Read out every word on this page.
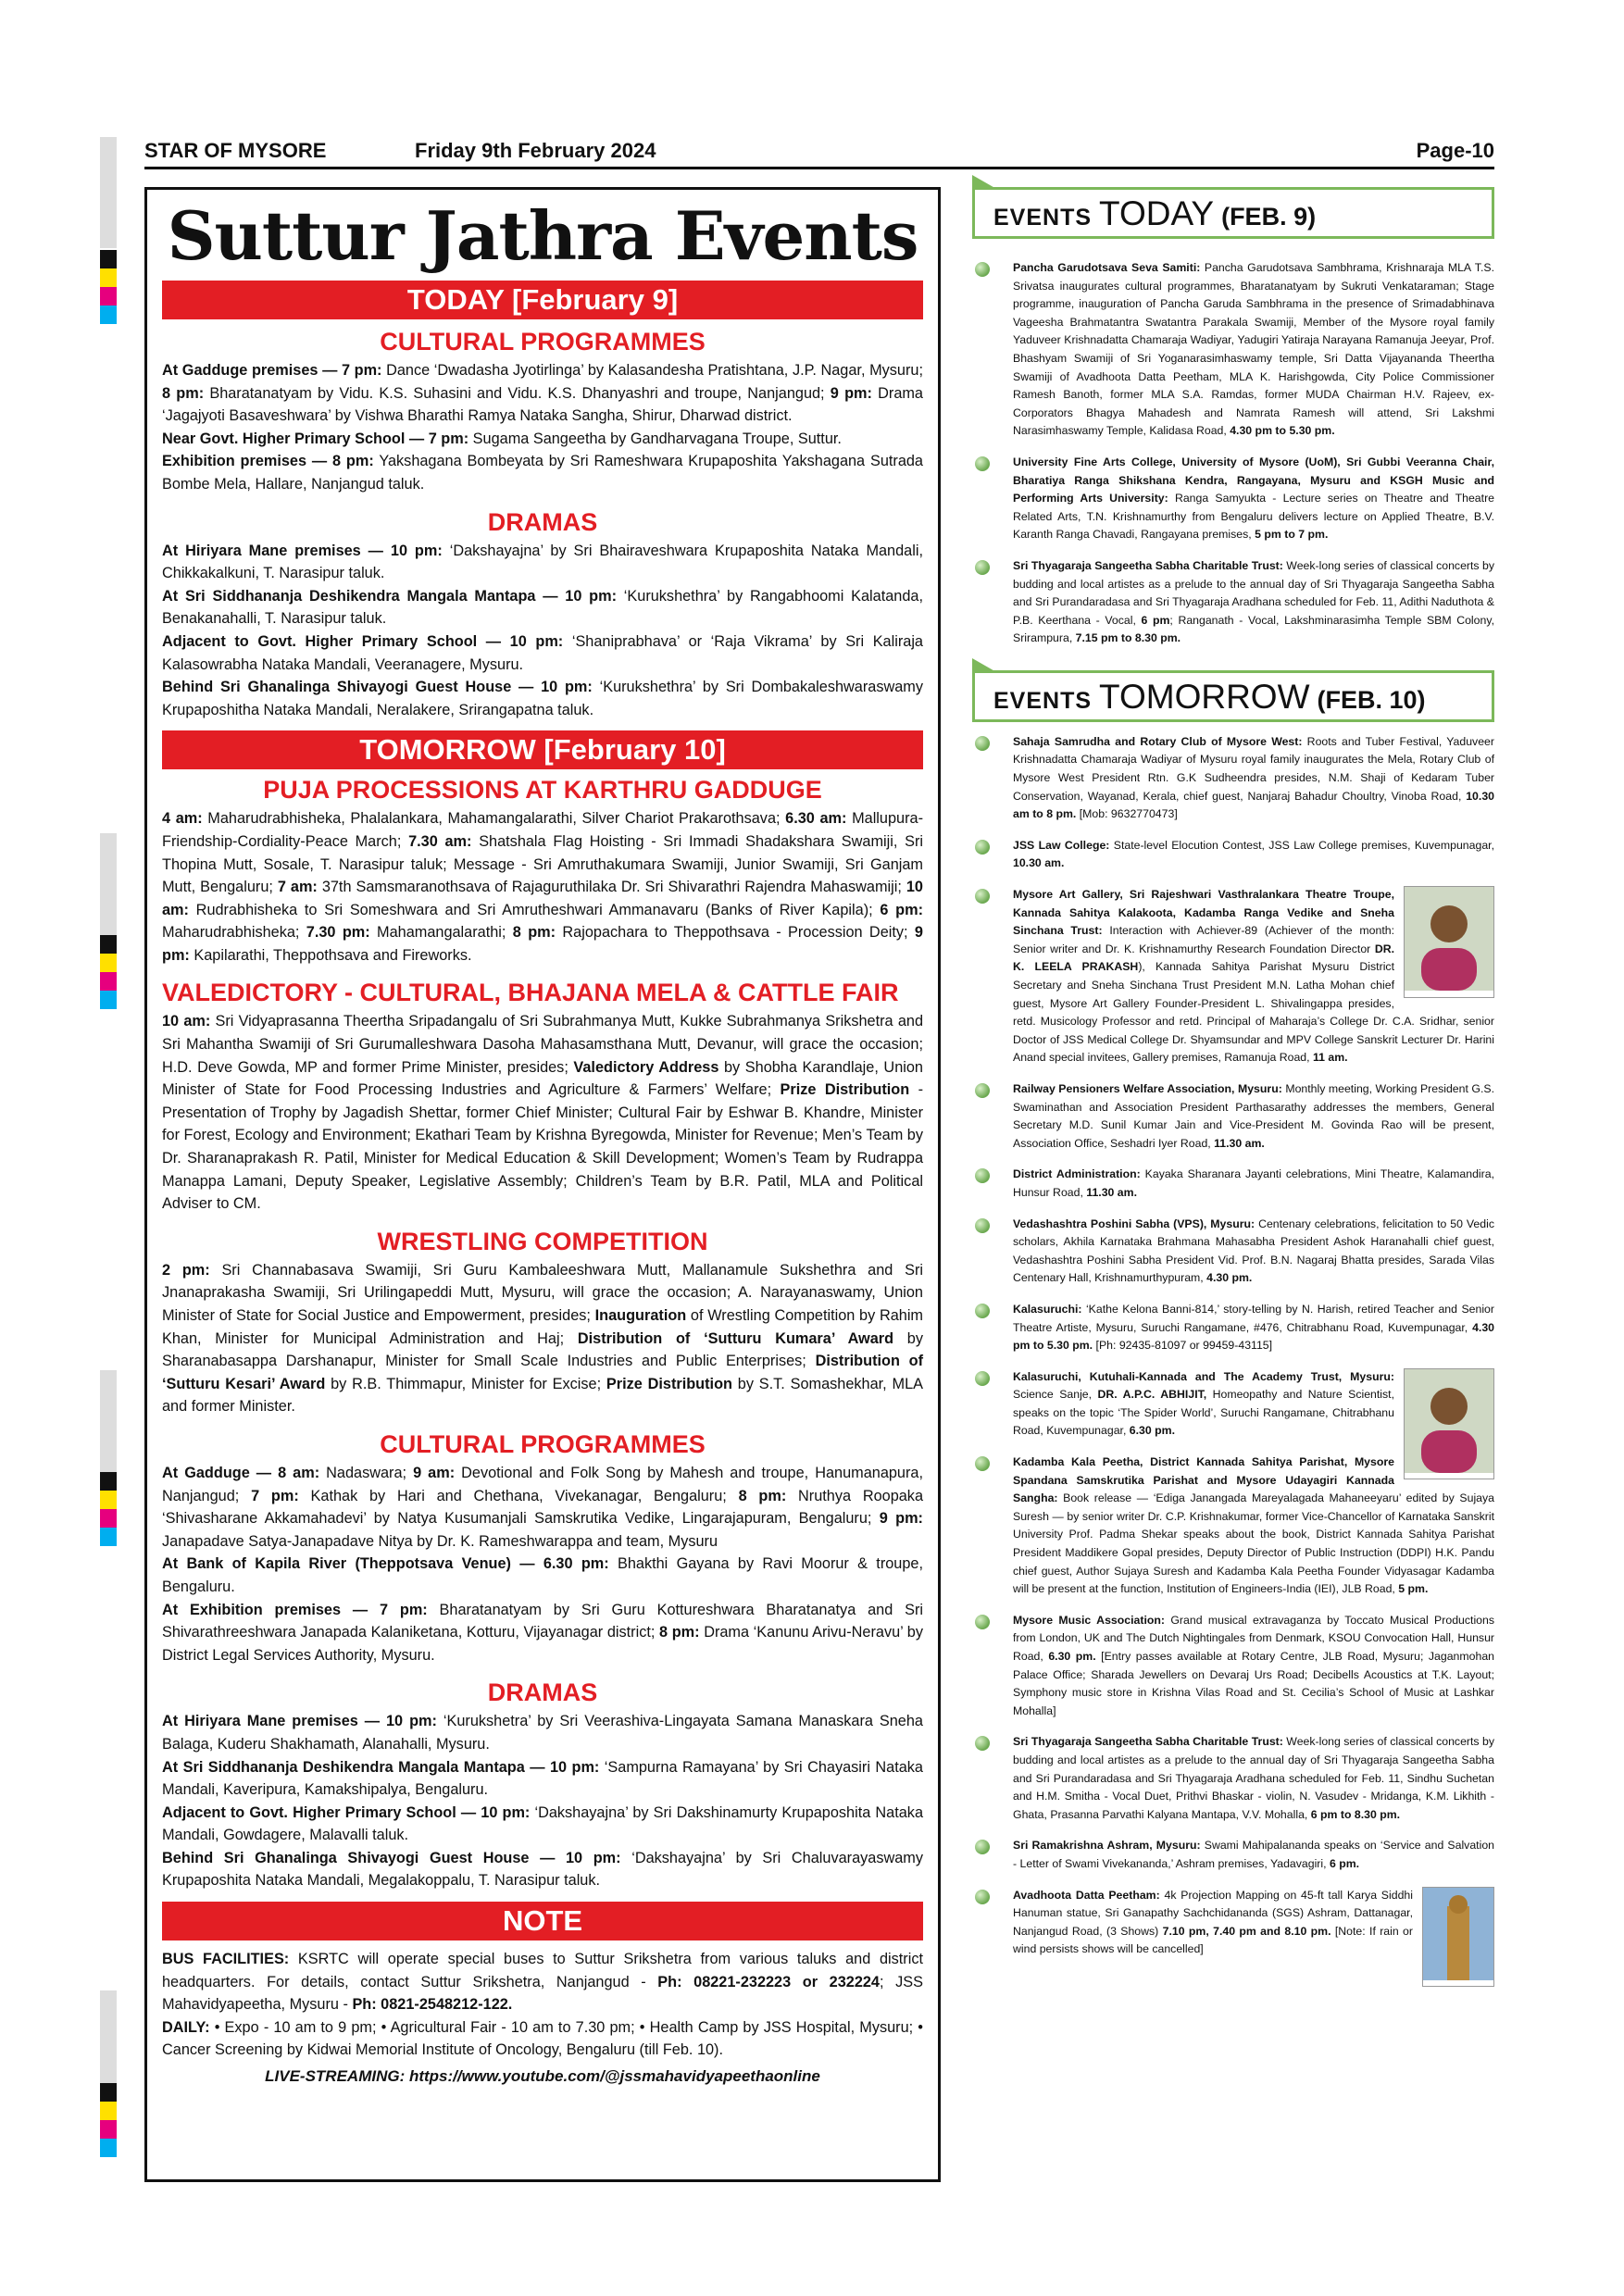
STAR OF MYSORE	Friday 9th February 2024	Page-10
Suttur Jathra Events
TODAY [February 9]
CULTURAL PROGRAMMES

At Gadduge premises — 7 pm: Dance ‘Dwadasha Jyotirlinga’ by Kalasandesha Pratishtana, J.P. Nagar, Mysuru; 8 pm: Bharatanatyam by Vidu. K.S. Suhasini and Vidu. K.S. Dhanyashri and troupe, Nanjangud; 9 pm: Drama ‘Jagajyoti Basaveshwara’ by Vishwa Bharathi Ramya Nataka Sangha, Shirur, Dharwad district.

Near Govt. Higher Primary School — 7 pm: Sugama Sangeetha by Gandharvagana Troupe, Suttur.

Exhibition premises — 8 pm: Yakshagana Bombeyata by Sri Rameshwara Krupaposhita Yakshagana Sutrada Bombe Mela, Hallare, Nanjangud taluk.

DRAMAS

At Hiriyara Mane premises — 10 pm: ‘Dakshayajna’ by Sri Bhairaveshwara Krupaposhita Nataka Mandali, Chikkakalkuni, T. Narasipur taluk.

At Sri Siddhananja Deshikendra Mangala Mantapa — 10 pm: ‘Kurukshethra’ by Rangabhoomi Kalatanda, Benakanahalli, T. Narasipur taluk.

Adjacent to Govt. Higher Primary School — 10 pm: ‘Shaniprabhava’ or ‘Raja Vikrama’ by Sri Kaliraja Kalasowrabha Nataka Mandali, Veeranagere, Mysuru.

Behind Sri Ghanalinga Shivayogi Guest House — 10 pm: ‘Kurukshethra’ by Sri Dombakaleshwaraswamy Krupaposhitha Nataka Mandali, Neralakere, Srirangapatna taluk.

TOMORROW [February 10]
PUJA PROCESSIONS AT KARTHRU GADDUGE

4 am: Maharudrabhisheka, Phalalankara, Mahamangalarathi, Silver Chariot Prakarothsava; 6.30 am: Mallupura-Friendship-Cordiality-Peace March; 7.30 am: Shatshala Flag Hoisting - Sri Immadi Shadakshara Swamiji, Sri Thopina Mutt, Sosale, T. Narasipur taluk; Message - Sri Amruthakumara Swamiji, Junior Swamiji, Sri Ganjam Mutt, Bengaluru; 7 am: 37th Samsmaranothsava of Rajaguruthilaka Dr. Sri Shivarathri Rajendra Mahaswamiji; 10 am: Rudrabhisheka to Sri Someshwara and Sri Amrutheshwari Ammanavaru (Banks of River Kapila); 6 pm: Maharudrabhisheka; 7.30 pm: Mahamangalarathi; 8 pm: Rajopachara to Theppothsava - Procession Deity; 9 pm: Kapilarathi, Theppothsava and Fireworks.

VALEDICTORY - CULTURAL, BHAJANA MELA & CATTLE FAIR

10 am: Sri Vidyaprasanna Theertha Sripadangalu of Sri Subrahmanya Mutt, Kukke Subrahmanya Srikshetra and Sri Mahantha Swamiji of Sri Gurumalleshwara Dasoha Mahasamsthana Mutt, Devanur, will grace the occasion; H.D. Deve Gowda, MP and former Prime Minister, presides; Valedictory Address by Shobha Karandlaje, Union Minister of State for Food Processing Industries and Agriculture & Farmers’ Welfare; Prize Distribution - Presentation of Trophy by Jagadish Shettar, former Chief Minister; Cultural Fair by Eshwar B. Khandre, Minister for Forest, Ecology and Environment; Ekathari Team by Krishna Byregowda, Minister for Revenue; Men’s Team by Dr. Sharanaprakash R. Patil, Minister for Medical Education & Skill Development; Women’s Team by Rudrappa Manappa Lamani, Deputy Speaker, Legislative Assembly; Children’s Team by B.R. Patil, MLA and Political Adviser to CM.

WRESTLING COMPETITION

2 pm: Sri Channabasava Swamiji, Sri Guru Kambaleeshwara Mutt, Mallanamule Sukshethra and Sri Jnanaprakasha Swamiji, Sri Urilingapeddi Mutt, Mysuru, will grace the occasion; A. Narayanaswamy, Union Minister of State for Social Justice and Empowerment, presides; Inauguration of Wrestling Competition by Rahim Khan, Minister for Municipal Administration and Haj; Distribution of ‘Sutturu Kumara’ Award by Sharanabasappa Darshanapur, Minister for Small Scale Industries and Public Enterprises; Distribution of ‘Sutturu Kesari’ Award by R.B. Thimmapur, Minister for Excise; Prize Distribution by S.T. Somashekhar, MLA and former Minister.

CULTURAL PROGRAMMES

At Gadduge — 8 am: Nadaswara; 9 am: Devotional and Folk Song by Mahesh and troupe, Hanumanapura, Nanjangud; 7 pm: Kathak by Hari and Chethana, Vivekanagar, Bengaluru; 8 pm: Nruthya Roopaka ‘Shivasharane Akkamahadevi’ by Natya Kusumanjali Samskrutika Vedike, Lingarajapuram, Bengaluru; 9 pm: Janapadave Satya-Janapadave Nitya by Dr. K. Rameshwarappa and team, Mysuru

At Bank of Kapila River (Theppotsava Venue) — 6.30 pm: Bhakthi Gayana by Ravi Moorur & troupe, Bengaluru.

At Exhibition premises — 7 pm: Bharatanatyam by Sri Guru Kottureshwara Bharatanatya and Sri Shivarathreeshwara Janapada Kalaniketana, Kotturu, Vijayanagar district; 8 pm: Drama ‘Kanunu Arivu-Neravu’ by District Legal Services Authority, Mysuru.

DRAMAS

At Hiriyara Mane premises — 10 pm: ‘Kurukshetra’ by Sri Veerashiva-Lingayata Samana Manaskara Sneha Balaga, Kuderu Shakhamath, Alanahalli, Mysuru.

At Sri Siddhananja Deshikendra Mangala Mantapa — 10 pm: ‘Sampurna Ramayana’ by Sri Chayasiri Nataka Mandali, Kaveripura, Kamakshipalya, Bengaluru.

Adjacent to Govt. Higher Primary School — 10 pm: ‘Dakshayajna’ by Sri Dakshinamurty Krupaposhita Nataka Mandali, Gowdagere, Malavalli taluk.

Behind Sri Ghanalinga Shivayogi Guest House — 10 pm: ‘Dakshayajna’ by Sri Chaluvarayaswamy Krupaposhita Nataka Mandali, Megalakoppalu, T. Narasipur taluk.

NOTE

BUS FACILITIES: KSRTC will operate special buses to Suttur Srikshetra from various taluks and district headquarters. For details, contact Suttur Srikshetra, Nanjangud - Ph: 08221-232223 or 232224; JSS Mahavidyapeetha, Mysuru - Ph: 0821-2548212-122.

DAILY: • Expo - 10 am to 9 pm; • Agricultural Fair - 10 am to 7.30 pm; • Health Camp by JSS Hospital, Mysuru; • Cancer Screening by Kidwai Memorial Institute of Oncology, Bengaluru (till Feb. 10).

LIVE-STREAMING: https://www.youtube.com/@jssmahavidyapeethaonline
EVENTS TODAY (FEB. 9)
Pancha Garudotsava Seva Samiti: Pancha Garudotsava Sambhrama, Krishnaraja MLA T.S. Srivatsa inaugurates cultural programmes, Bharatanatyam by Sukruti Venkataraman; Stage programme, inauguration of Pancha Garuda Sambhrama in the presence of Srimadabhinava Vageesha Brahmatantra Swatantra Parakala Swamiji, Member of the Mysore royal family Yaduveer Krishnadatta Chamaraja Wadiyar, Yadugiri Yatiraja Narayana Ramanuja Jeeyar, Prof. Bhashyam Swamiji of Sri Yoganarasimhaswamy temple, Sri Datta Vijayananda Theertha Swamiji of Avadhoota Datta Peetham, MLA K. Harishgowda, City Police Commissioner Ramesh Banoth, former MLA S.A. Ramdas, former MUDA Chairman H.V. Rajeev, ex-Corporators Bhagya Mahadesh and Namrata Ramesh will attend, Sri Lakshmi Narasimhaswamy Temple, Kalidasa Road, 4.30 pm to 5.30 pm.
University Fine Arts College, University of Mysore (UoM), Sri Gubbi Veeranna Chair, Bharatiya Ranga Shikshana Kendra, Rangayana, Mysuru and KSGH Music and Performing Arts University: Ranga Samyukta - Lecture series on Theatre and Theatre Related Arts, T.N. Krishnamurthy from Bengaluru delivers lecture on Applied Theatre, B.V. Karanth Ranga Chavadi, Rangayana premises, 5 pm to 7 pm.
Sri Thyagaraja Sangeetha Sabha Charitable Trust: Week-long series of classical concerts by budding and local artistes as a prelude to the annual day of Sri Thyagaraja Sangeetha Sabha and Sri Purandaradasa and Sri Thyagaraja Aradhana scheduled for Feb. 11, Adithi Naduthota & P.B. Keerthana - Vocal, 6 pm; Ranganath - Vocal, Lakshminarasimha Temple SBM Colony, Srirampura, 7.15 pm to 8.30 pm.
EVENTS TOMORROW (FEB. 10)
Sahaja Samrudha and Rotary Club of Mysore West: Roots and Tuber Festival, Yaduveer Krishnadatta Chamaraja Wadiyar of Mysuru royal family inaugurates the Mela, Rotary Club of Mysore West President Rtn. G.K Sudheendra presides, N.M. Shaji of Kedaram Tuber Conservation, Wayanad, Kerala, chief guest, Nanjaraj Bahadur Choultry, Vinoba Road, 10.30 am to 8 pm. [Mob: 9632770473]
JSS Law College: State-level Elocution Contest, JSS Law College premises, Kuvempunagar, 10.30 am.
Mysore Art Gallery, Sri Rajeshwari Vasthralankara Theatre Troupe, Kannada Sahitya Kalakoota, Kadamba Ranga Vedike and Sneha Sinchana Trust: Interaction with Achiever-89 (Achiever of the month: Senior writer and Dr. K. Krishnamurthy Research Foundation Director DR. K. LEELA PRAKASH), Kannada Sahitya Parishat Mysuru District Secretary and Sneha Sinchana Trust President M.N. Latha Mohan chief guest, Mysore Art Gallery Founder-President L. Shivalingappa presides, retd. Musicology Professor and retd. Principal of Maharaja’s College Dr. C.A. Sridhar, senior Doctor of JSS Medical College Dr. Shyamsundar and MPV College Sanskrit Lecturer Dr. Harini Anand special invitees, Gallery premises, Ramanuja Road, 11 am.
Railway Pensioners Welfare Association, Mysuru: Monthly meeting, Working President G.S. Swaminathan and Association President Parthasarathy addresses the members, General Secretary M.D. Sunil Kumar Jain and Vice-President M. Govinda Rao will be present, Association Office, Seshadri Iyer Road, 11.30 am.
District Administration: Kayaka Sharanara Jayanti celebrations, Mini Theatre, Kalamandira, Hunsur Road, 11.30 am.
Vedashashtra Poshini Sabha (VPS), Mysuru: Centenary celebrations, felicitation to 50 Vedic scholars, Akhila Karnataka Brahmana Mahasabha President Ashok Haranahalli chief guest, Vedashashtra Poshini Sabha President Vid. Prof. B.N. Nagaraj Bhatta presides, Sarada Vilas Centenary Hall, Krishnamurthypuram, 4.30 pm.
Kalasuruchi: ‘Kathe Kelona Banni-814,’ story-telling by N. Harish, retired Teacher and Senior Theatre Artiste, Mysuru, Suruchi Rangamane, #476, Chitrabhanu Road, Kuvempunagar, 4.30 pm to 5.30 pm. [Ph: 92435-81097 or 99459-43115]
Kalasuruchi, Kutuhali-Kannada and The Academy Trust, Mysuru: Science Sanje, DR. A.P.C. ABHIJIT, Homeopathy and Nature Scientist, speaks on the topic ‘The Spider World’, Suruchi Rangamane, Chitrabhanu Road, Kuvempunagar, 6.30 pm.
Kadamba Kala Peetha, District Kannada Sahitya Parishat, Mysore Spandana Samskrutika Parishat and Mysore Udayagiri Kannada Sangha: Book release — ‘Ediga Janangada Mareyalagada Mahaneeyaru’ edited by Sujaya Suresh — by senior writer Dr. C.P. Krishnakumar, former Vice-Chancellor of Karnataka Sanskrit University Prof. Padma Shekar speaks about the book, District Kannada Sahitya Parishat President Maddikere Gopal presides, Deputy Director of Public Instruction (DDPI) H.K. Pandu chief guest, Author Sujaya Suresh and Kadamba Kala Peetha Founder Vidyasagar Kadamba will be present at the function, Institution of Engineers-India (IEI), JLB Road, 5 pm.
Mysore Music Association: Grand musical extravaganza by Toccato Musical Productions from London, UK and The Dutch Nightingales from Denmark, KSOU Convocation Hall, Hunsur Road, 6.30 pm. [Entry passes available at Rotary Centre, JLB Road, Mysuru; Jaganmohan Palace Office; Sharada Jewellers on Devaraj Urs Road; Decibells Acoustics at T.K. Layout; Symphony music store in Krishna Vilas Road and St. Cecilia’s School of Music at Lashkar Mohalla]
Sri Thyagaraja Sangeetha Sabha Charitable Trust: Week-long series of classical concerts by budding and local artistes as a prelude to the annual day of Sri Thyagaraja Sangeetha Sabha and Sri Purandaradasa and Sri Thyagaraja Aradhana scheduled for Feb. 11, Sindhu Suchetan and H.M. Smitha - Vocal Duet, Prithvi Bhaskar - violin, N. Vasudev - Mridanga, K.M. Likhith - Ghata, Prasanna Parvathi Kalyana Mantapa, V.V. Mohalla, 6 pm to 8.30 pm.
Sri Ramakrishna Ashram, Mysuru: Swami Mahipalananda speaks on ‘Service and Salvation - Letter of Swami Vivekananda,’ Ashram premises, Yadavagiri, 6 pm.
Avadhoota Datta Peetham: 4k Projection Mapping on 45-ft tall Karya Siddhi Hanuman statue, Sri Ganapathy Sachchidananda (SGS) Ashram, Dattanagar, Nanjangud Road, (3 Shows) 7.10 pm, 7.40 pm and 8.10 pm. [Note: If rain or wind persists shows will be cancelled]
